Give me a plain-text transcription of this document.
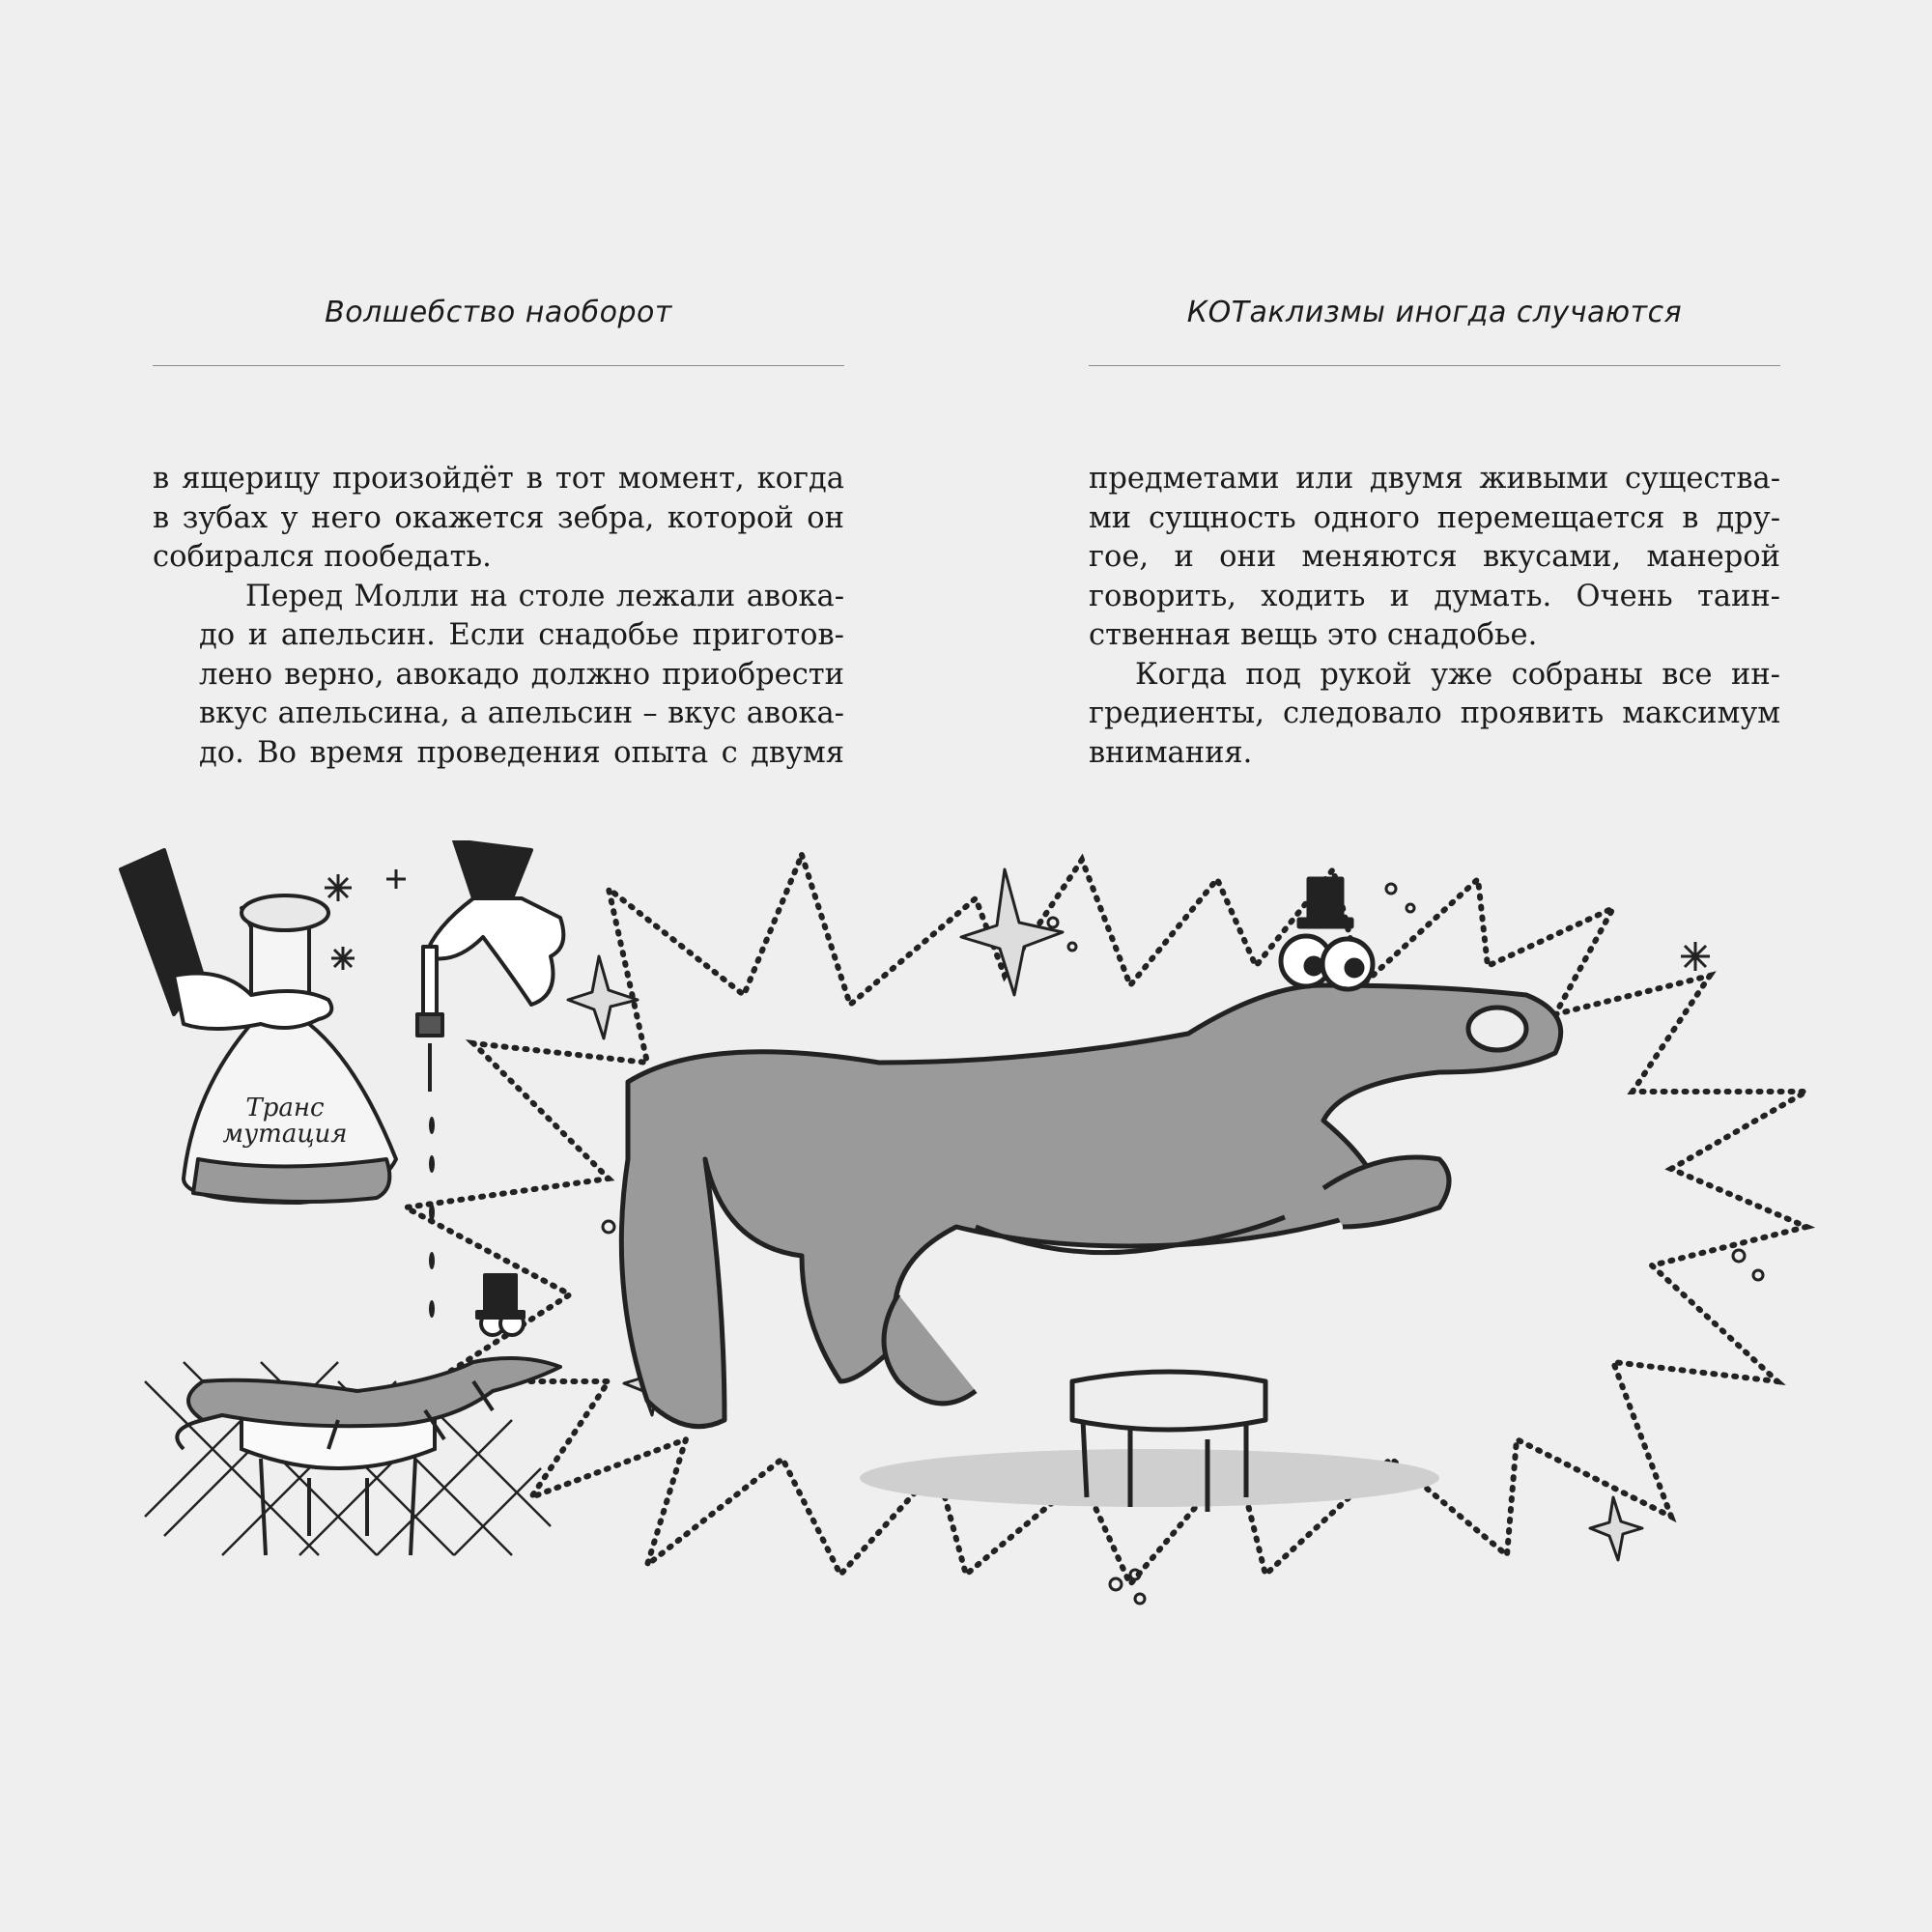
Волшебство наоборот

в ящерицу произойдёт в тот момент, когда
в зубах у него окажется зебра, которой он
собирался пообедать.

Перед Молли на столе лежали авока-
до и апельсин. Если снадобье приготов-
лено верно, авокадо должно приобрести
вкус апельсина, а апельсин – вкус авока-
до. Во время проведения опыта с двумя

КОТаклизмы иногда случаются

предметами или двумя живыми существа-
ми сущность одного перемещается в дру-
гое, и они меняются вкусами, манерой
говорить, ходить и думать. Очень таин-
ственная вещь это снадобье.

Когда под рукой уже собраны все ин-
гредиенты, следовало проявить максимум
внимания.

Транс
мутация
